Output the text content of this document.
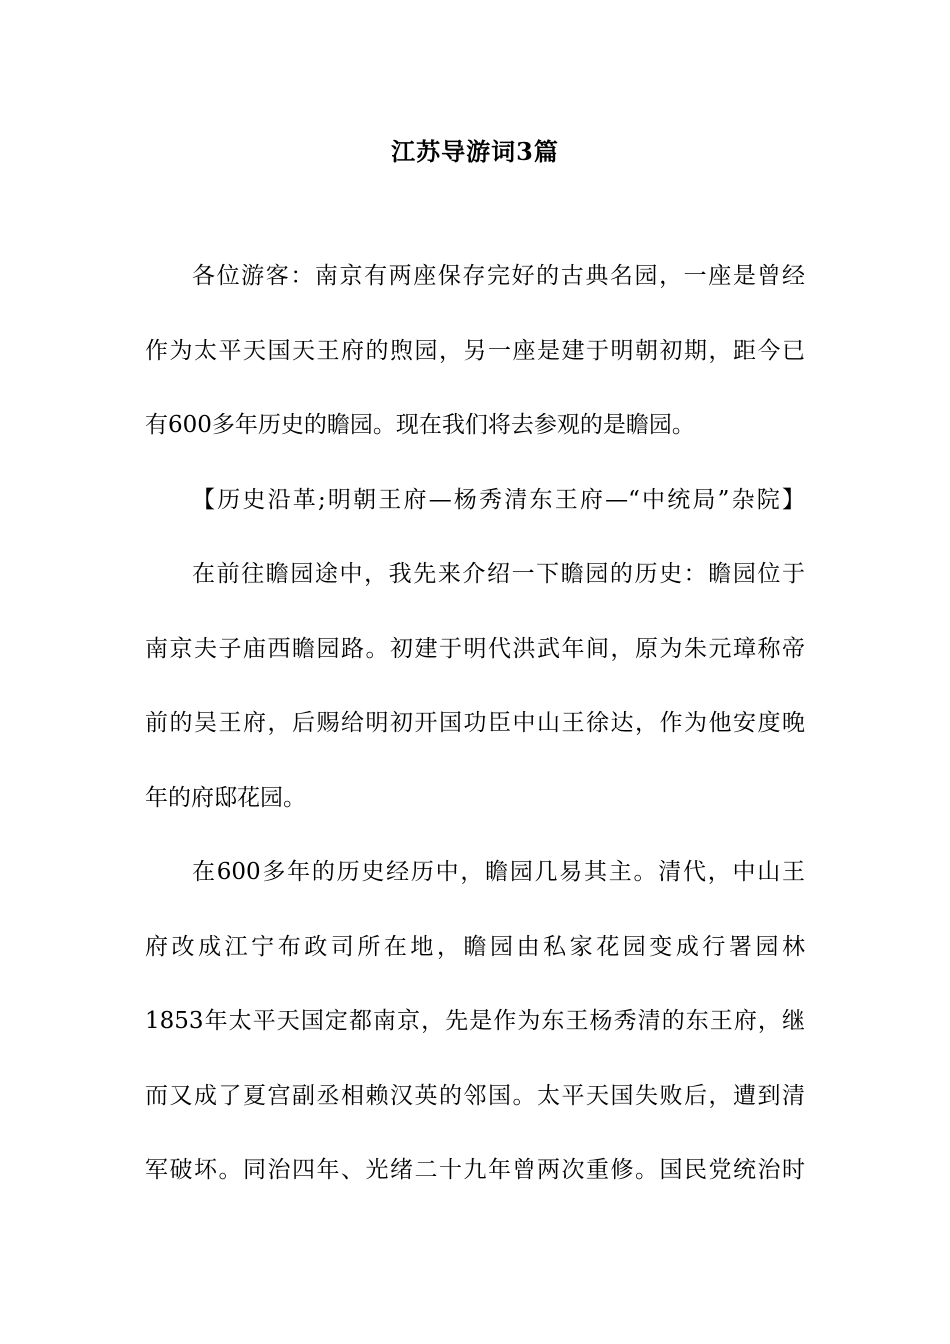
江苏导游词3篇
各位游客：南京有两座保存完好的古典名园，一座是曾经
作为太平天国天王府的煦园，另一座是建于明朝初期，距今已
有600多年历史的瞻园。现在我们将去参观的是瞻园。
【历史沿革;明朝王府—杨秀清东王府—“中统局”杂院】
在前往瞻园途中，我先来介绍一下瞻园的历史：瞻园位于
南京夫子庙西瞻园路。初建于明代洪武年间，原为朱元璋称帝
前的吴王府，后赐给明初开国功臣中山王徐达，作为他安度晚
年的府邸花园。
在600多年的历史经历中，瞻园几易其主。清代，中山王
府改成江宁布政司所在地，瞻园由私家花园变成行署园林
1853年太平天国定都南京，先是作为东王杨秀清的东王府，继
而又成了夏宫副丞相赖汉英的邻国。太平天国失败后，遭到清
军破坏。同治四年、光绪二十九年曾两次重修。国民党统治时
